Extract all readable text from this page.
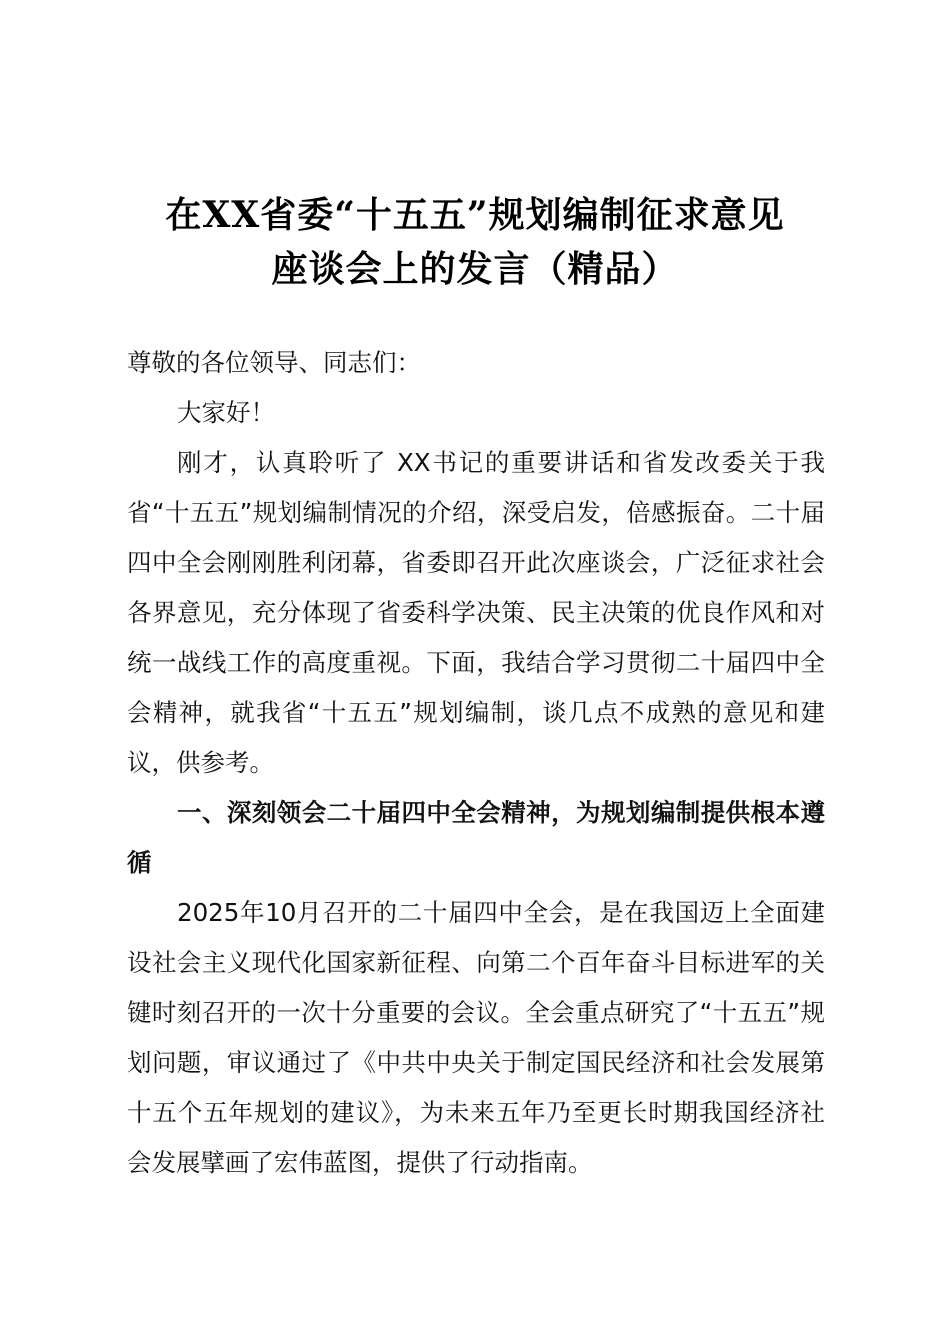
在XX省委“十五五”规划编制征求意见
座谈会上的发言（精品）

尊敬的各位领导、同志们：

大家好！

刚才，认真聆听了 XX书记的重要讲话和省发改委关于我省“十五五”规划编制情况的介绍，深受启发，倍感振奋。二十届四中全会刚刚胜利闭幕，省委即召开此次座谈会，广泛征求社会各界意见，充分体现了省委科学决策、民主决策的优良作风和对统一战线工作的高度重视。下面，我结合学习贯彻二十届四中全会精神，就我省“十五五”规划编制，谈几点不成熟的意见和建议，供参考。

一、深刻领会二十届四中全会精神，为规划编制提供根本遵循

2025年10月召开的二十届四中全会，是在我国迈上全面建设社会主义现代化国家新征程、向第二个百年奋斗目标进军的关键时刻召开的一次十分重要的会议。全会重点研究了“十五五”规划问题，审议通过了《中共中央关于制定国民经济和社会发展第十五个五年规划的建议》，为未来五年乃至更长时期我国经济社会发展擘画了宏伟蓝图，提供了行动指南。
